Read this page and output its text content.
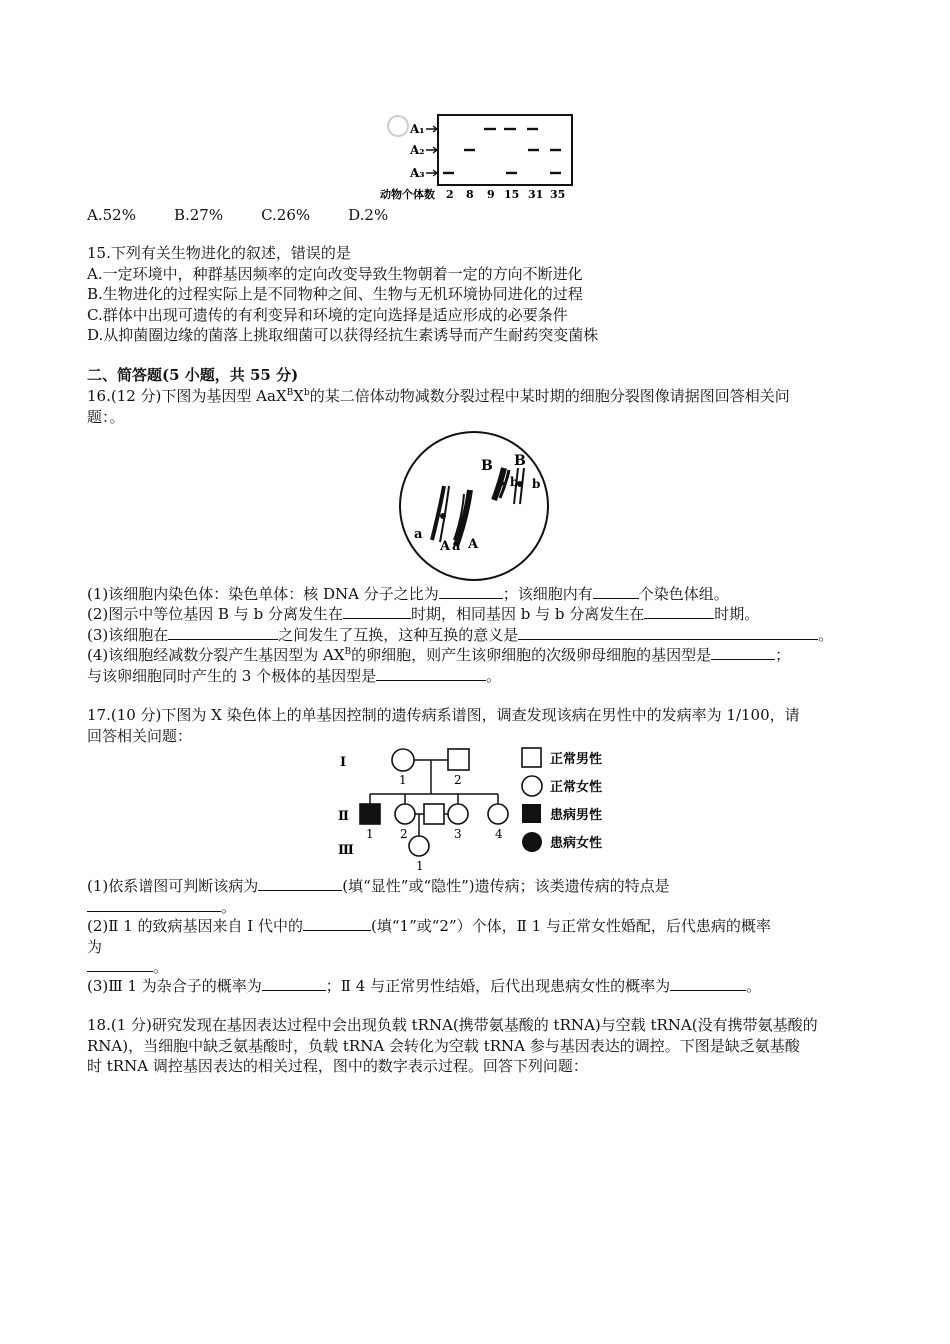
A₁
A₂
A₃
动物个体数 2 8 9 15 31 35
A.52%	B.27%	C.26%	D.2%
15.下列有关生物进化的叙述，错误的是
A.一定环境中，种群基因频率的定向改变导致生物朝着一定的方向不断进化
B.生物进化的过程实际上是不同物种之间、生物与无机环境协同进化的过程
C.群体中出现可遗传的有利变异和环境的定向选择是适应形成的必要条件
D.从抑菌圈边缘的菌落上挑取细菌可以获得经抗生素诱导而产生耐药突变菌株
二、简答题(5 小题，共 55 分)
16.(12 分)下图为基因型 $AaX^BX^b$的某二倍体动物减数分裂过程中某时期的细胞分裂图像请据图回答相关问
题：。
B B
b b
a
A a A
(1)该细胞内染色体：染色单体：核 DNA 分子之比为	；该细胞内有	个染色体组。
(2)图示中等位基因 B 与 b 分离发生在	时期，相同基因 b 与 b 分离发生在	时期。
(3)该细胞在	之间发生了互换，这种互换的意义是	。
(4)该细胞经减数分裂产生基因型为 $AX^B$的卵细胞，则产生该卵细胞的次级卵母细胞的基因型是	；
与该卵细胞同时产生的 3 个极体的基因型是	。
17.(10 分)下图为 X 染色体上的单基因控制的遗传病系谱图，调查发现该病在男性中的发病率为 1/100，请
回答相关问题：
Ⅰ
Ⅱ
Ⅲ
1	2
1 2	3	4
1
正常男性
正常女性
患病男性
患病女性
(1)依系谱图可判断该病为	(填“显性”或“隐性”)遗传病；该类遗传病的特点是
。
(2)Ⅱ 1 的致病基因来自 I 代中的	(填“1”或“2”）个体，Ⅱ 1 与正常女性婚配，后代患病的概率
为
。
(3)Ⅲ 1 为杂合子的概率为	；Ⅱ 4 与正常男性结婚，后代出现患病女性的概率为	。
18.(1 分)研究发现在基因表达过程中会出现负载 tRNA(携带氨基酸的 tRNA)与空载 tRNA(没有携带氨基酸的
RNA)，当细胞中缺乏氨基酸时，负载 tRNA 会转化为空载 tRNA 参与基因表达的调控。下图是缺乏氨基酸
时 tRNA 调控基因表达的相关过程，图中的数字表示过程。回答下列问题：
